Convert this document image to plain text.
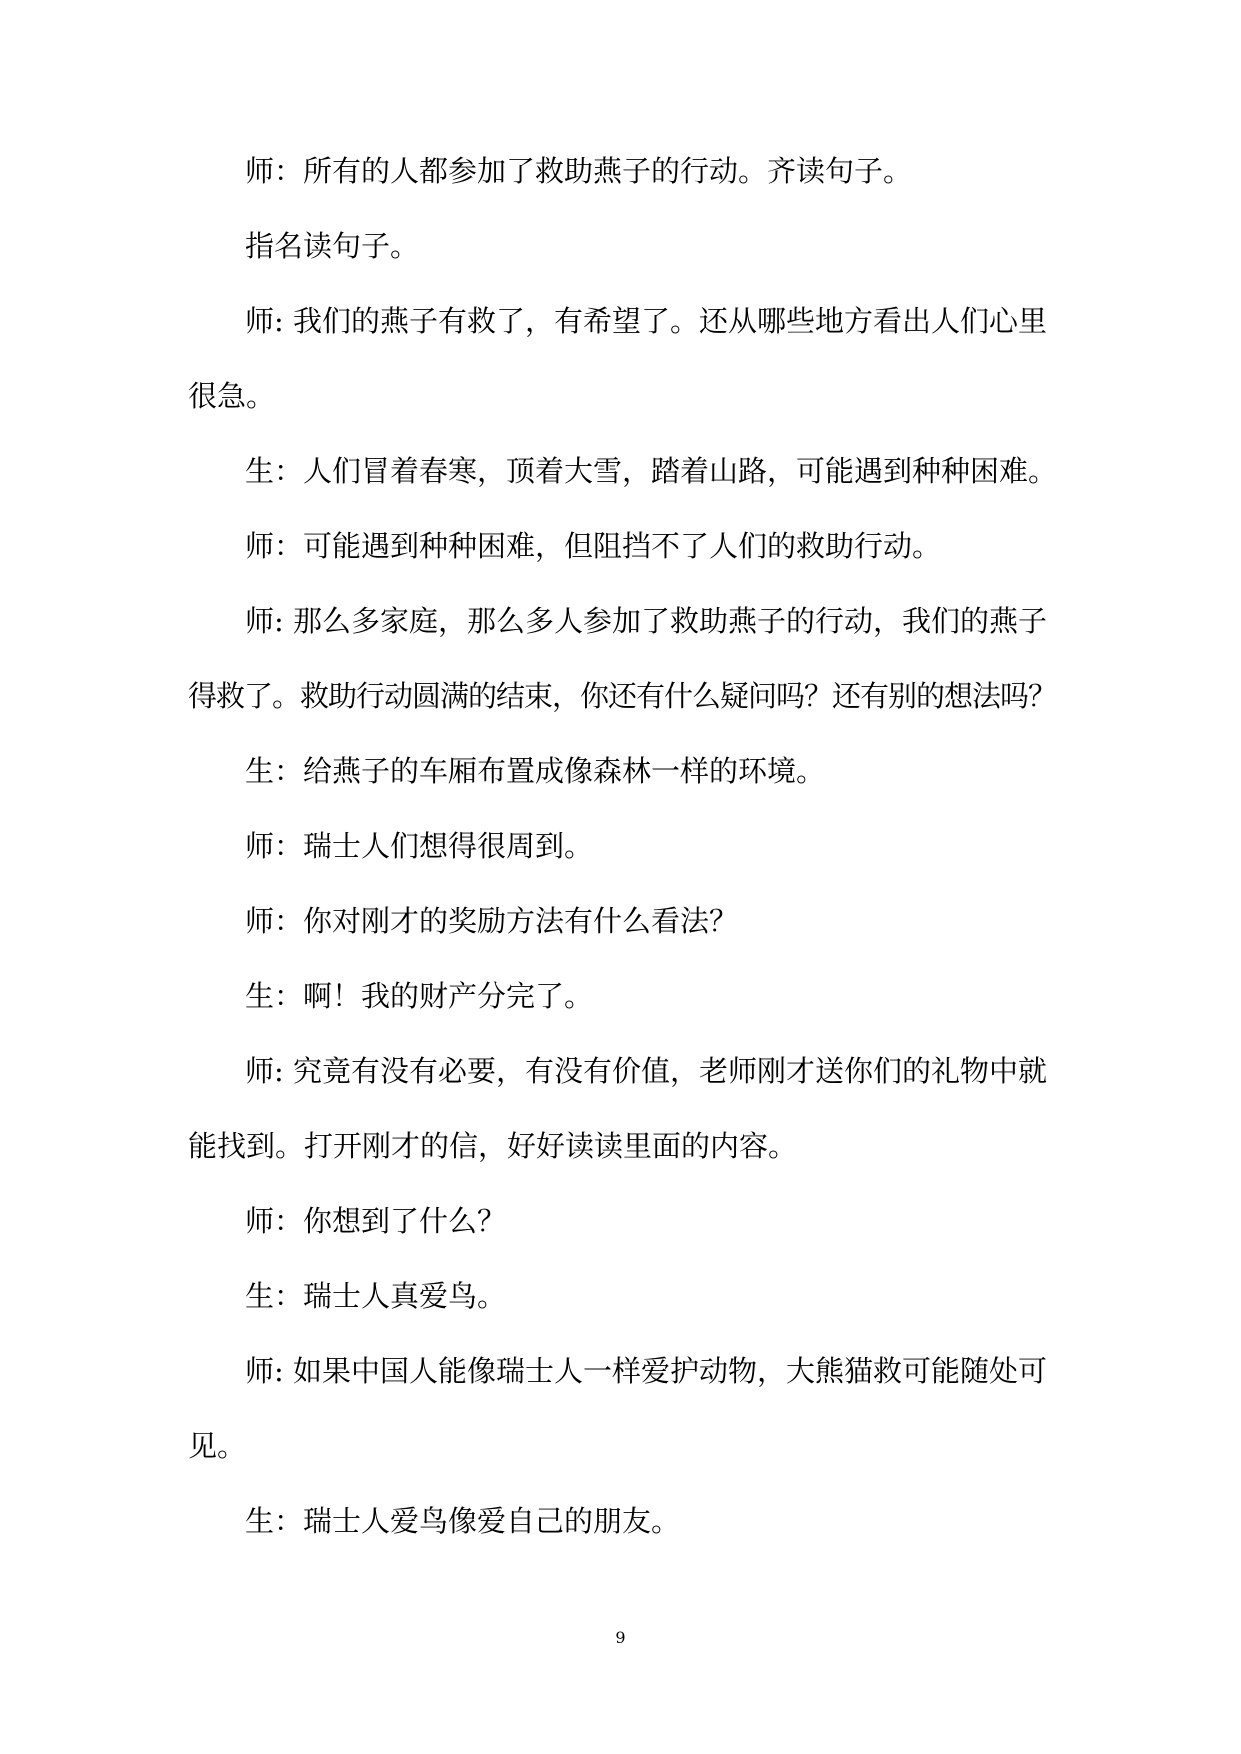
师：所有的人都参加了救助燕子的行动。齐读句子。
指名读句子。
师: 我们的燕子有救了，有希望了。还从哪些地方看出人们心里
很急。
生：人们冒着春寒，顶着大雪，踏着山路，可能遇到种种困难。
师：可能遇到种种困难，但阻挡不了人们的救助行动。
师: 那么多家庭，那么多人参加了救助燕子的行动，我们的燕子
得救了。救助行动圆满的结束，你还有什么疑问吗？还有别的想法吗？
生：给燕子的车厢布置成像森林一样的环境。
师：瑞士人们想得很周到。
师：你对刚才的奖励方法有什么看法？
生：啊！我的财产分完了。
师: 究竟有没有必要，有没有价值，老师刚才送你们的礼物中就
能找到。打开刚才的信，好好读读里面的内容。
师：你想到了什么？
生：瑞士人真爱鸟。
师: 如果中国人能像瑞士人一样爱护动物，大熊猫救可能随处可
见。
生：瑞士人爱鸟像爱自己的朋友。
9
